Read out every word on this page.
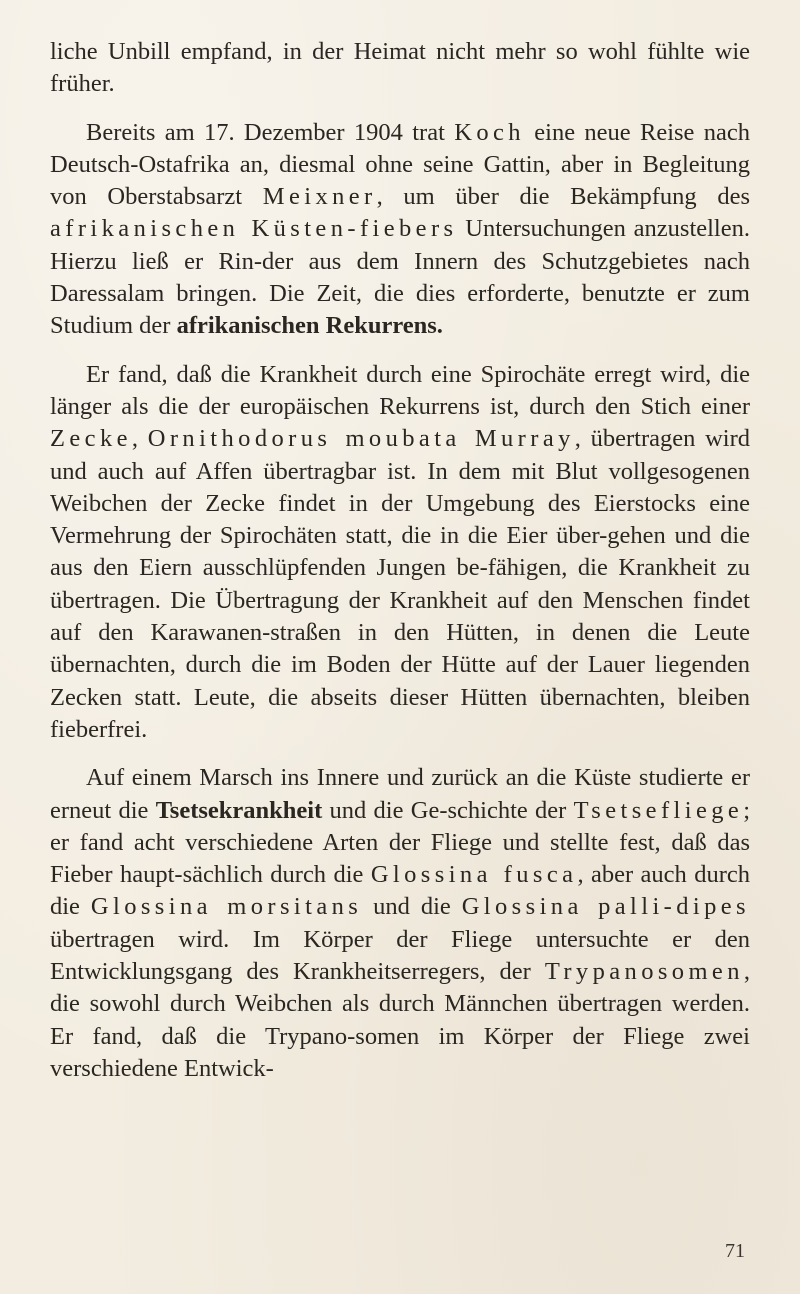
liche Unbill empfand, in der Heimat nicht mehr so wohl fühlte wie früher.

Bereits am 17. Dezember 1904 trat Koch eine neue Reise nach Deutsch-Ostafrika an, diesmal ohne seine Gattin, aber in Begleitung von Oberstabsarzt Meixner, um über die Bekämpfung des afrikanischen Küsten-fiebers Untersuchungen anzustellen. Hierzu ließ er Rin-der aus dem Innern des Schutzgebietes nach Daressalam bringen. Die Zeit, die dies erforderte, benutzte er zum Studium der afrikanischen Rekurrens.

Er fand, daß die Krankheit durch eine Spirochäte erregt wird, die länger als die der europäischen Rekurrens ist, durch den Stich einer Zecke, Ornithodorus moubata Murray, übertragen wird und auch auf Affen übertragbar ist. In dem mit Blut vollgesogenen Weibchen der Zecke findet in der Umgebung des Eierstocks eine Vermehrung der Spirochäten statt, die in die Eier über-gehen und die aus den Eiern ausschlüpfenden Jungen be-fähigen, die Krankheit zu übertragen. Die Übertragung der Krankheit auf den Menschen findet auf den Karawanen-straßen in den Hütten, in denen die Leute übernachten, durch die im Boden der Hütte auf der Lauer liegenden Zecken statt. Leute, die abseits dieser Hütten übernachten, bleiben fieberfrei.

Auf einem Marsch ins Innere und zurück an die Küste studierte er erneut die Tsetsekrankheit und die Ge-schichte der Tsetsefliege; er fand acht verschiedene Arten der Fliege und stellte fest, daß das Fieber haupt-sächlich durch die Glossina fusca, aber auch durch die Glossina morsitans und die Glossina palli-dipes übertragen wird. Im Körper der Fliege untersuchte er den Entwicklungsgang des Krankheitserregers, der Trypanosomen, die sowohl durch Weibchen als durch Männchen übertragen werden. Er fand, daß die Trypano-somen im Körper der Fliege zwei verschiedene Entwick-

71
